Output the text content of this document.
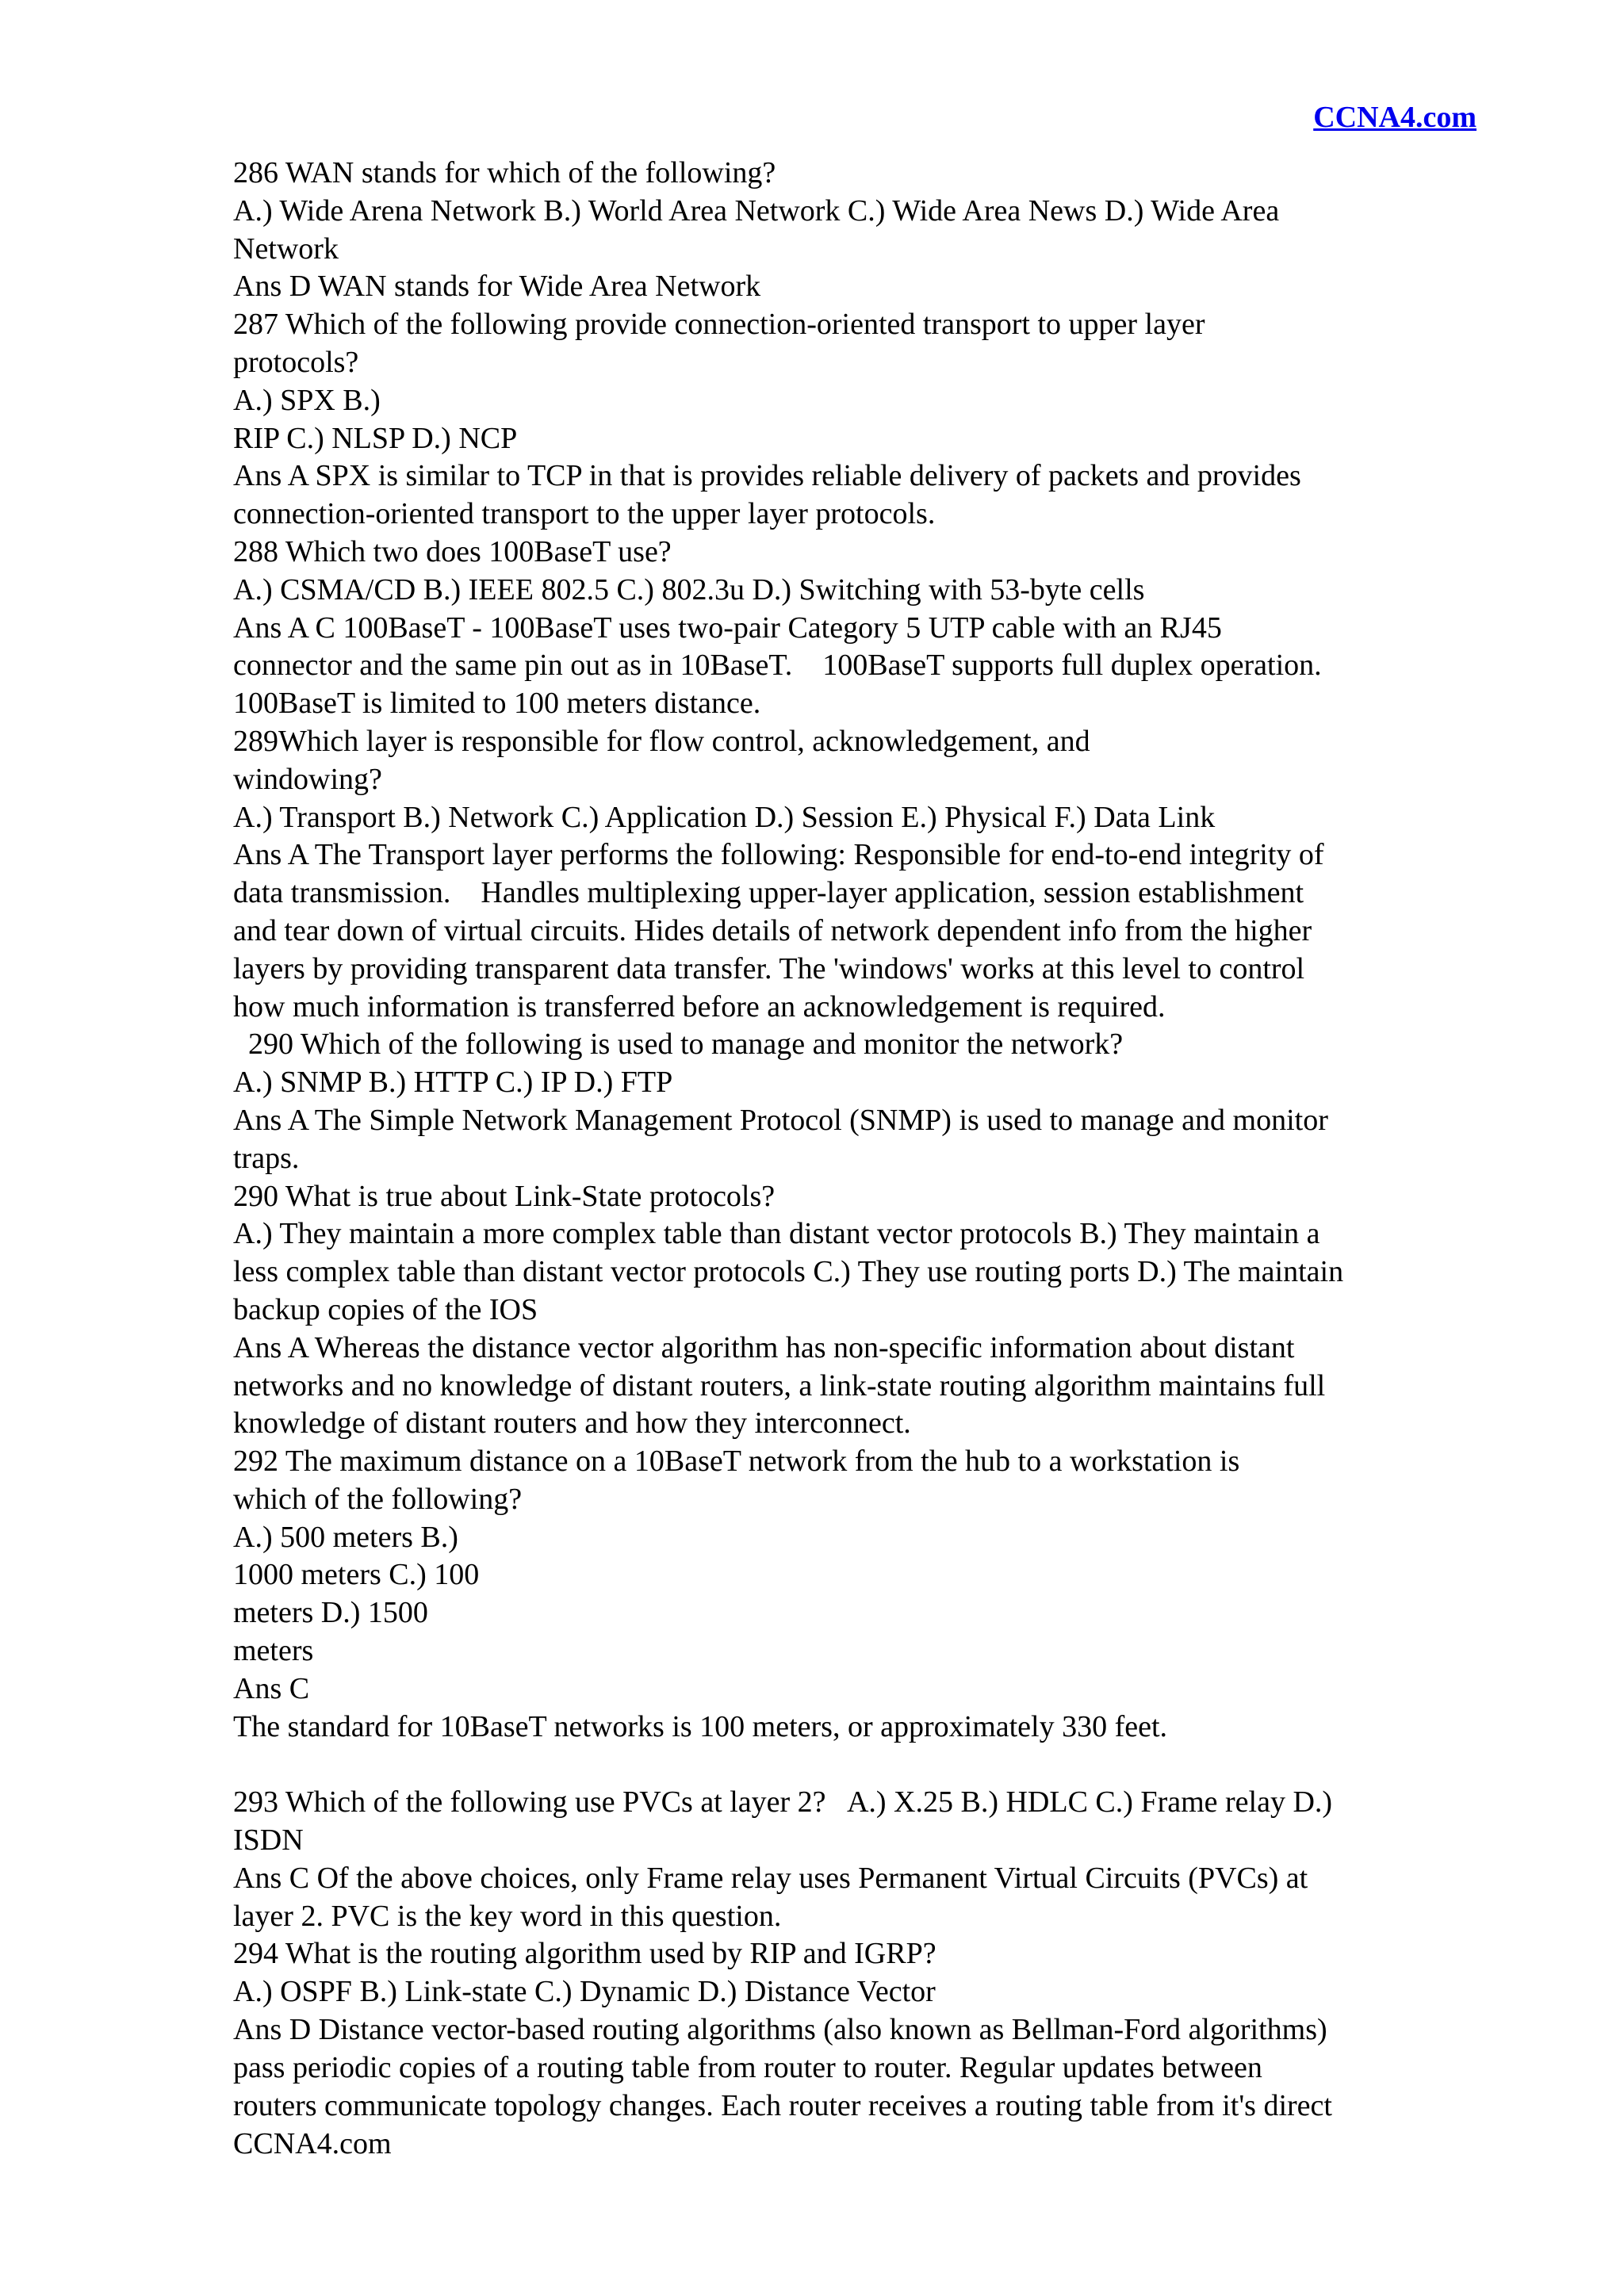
CCNA4.com
286 WAN stands for which of the following?
A.) Wide Arena Network B.) World Area Network C.) Wide Area News D.) Wide Area
Network
Ans D WAN stands for Wide Area Network
287 Which of the following provide connection-oriented transport to upper layer
protocols?
A.) SPX B.)
RIP C.) NLSP D.) NCP
Ans A SPX is similar to TCP in that is provides reliable delivery of packets and provides
connection-oriented transport to the upper layer protocols.
288 Which two does 100BaseT use?
A.) CSMA/CD B.) IEEE 802.5 C.) 802.3u D.) Switching with 53-byte cells
Ans A C 100BaseT - 100BaseT uses two-pair Category 5 UTP cable with an RJ45
connector and the same pin out as in 10BaseT.    100BaseT supports full duplex operation.
100BaseT is limited to 100 meters distance.
289Which layer is responsible for flow control, acknowledgement, and
windowing?
A.) Transport B.) Network C.) Application D.) Session E.) Physical F.) Data Link
Ans A The Transport layer performs the following: Responsible for end-to-end integrity of
data transmission.    Handles multiplexing upper-layer application, session establishment
and tear down of virtual circuits. Hides details of network dependent info from the higher
layers by providing transparent data transfer. The 'windows' works at this level to control
how much information is transferred before an acknowledgement is required.
290 Which of the following is used to manage and monitor the network?
A.) SNMP B.) HTTP C.) IP D.) FTP
Ans A The Simple Network Management Protocol (SNMP) is used to manage and monitor
traps.
290 What is true about Link-State protocols?
A.) They maintain a more complex table than distant vector protocols B.) They maintain a
less complex table than distant vector protocols C.) They use routing ports D.) The maintain
backup copies of the IOS
Ans A Whereas the distance vector algorithm has non-specific information about distant
networks and no knowledge of distant routers, a link-state routing algorithm maintains full
knowledge of distant routers and how they interconnect.
292 The maximum distance on a 10BaseT network from the hub to a workstation is
which of the following?
A.) 500 meters B.)
1000 meters C.) 100
meters D.) 1500
meters
Ans C
The standard for 10BaseT networks is 100 meters, or approximately 330 feet.
293 Which of the following use PVCs at layer 2?   A.) X.25 B.) HDLC C.) Frame relay D.)
ISDN
Ans C Of the above choices, only Frame relay uses Permanent Virtual Circuits (PVCs) at
layer 2. PVC is the key word in this question.
294 What is the routing algorithm used by RIP and IGRP?
A.) OSPF B.) Link-state C.) Dynamic D.) Distance Vector
Ans D Distance vector-based routing algorithms (also known as Bellman-Ford algorithms)
pass periodic copies of a routing table from router to router. Regular updates between
routers communicate topology changes. Each router receives a routing table from it's direct
CCNA4.com
